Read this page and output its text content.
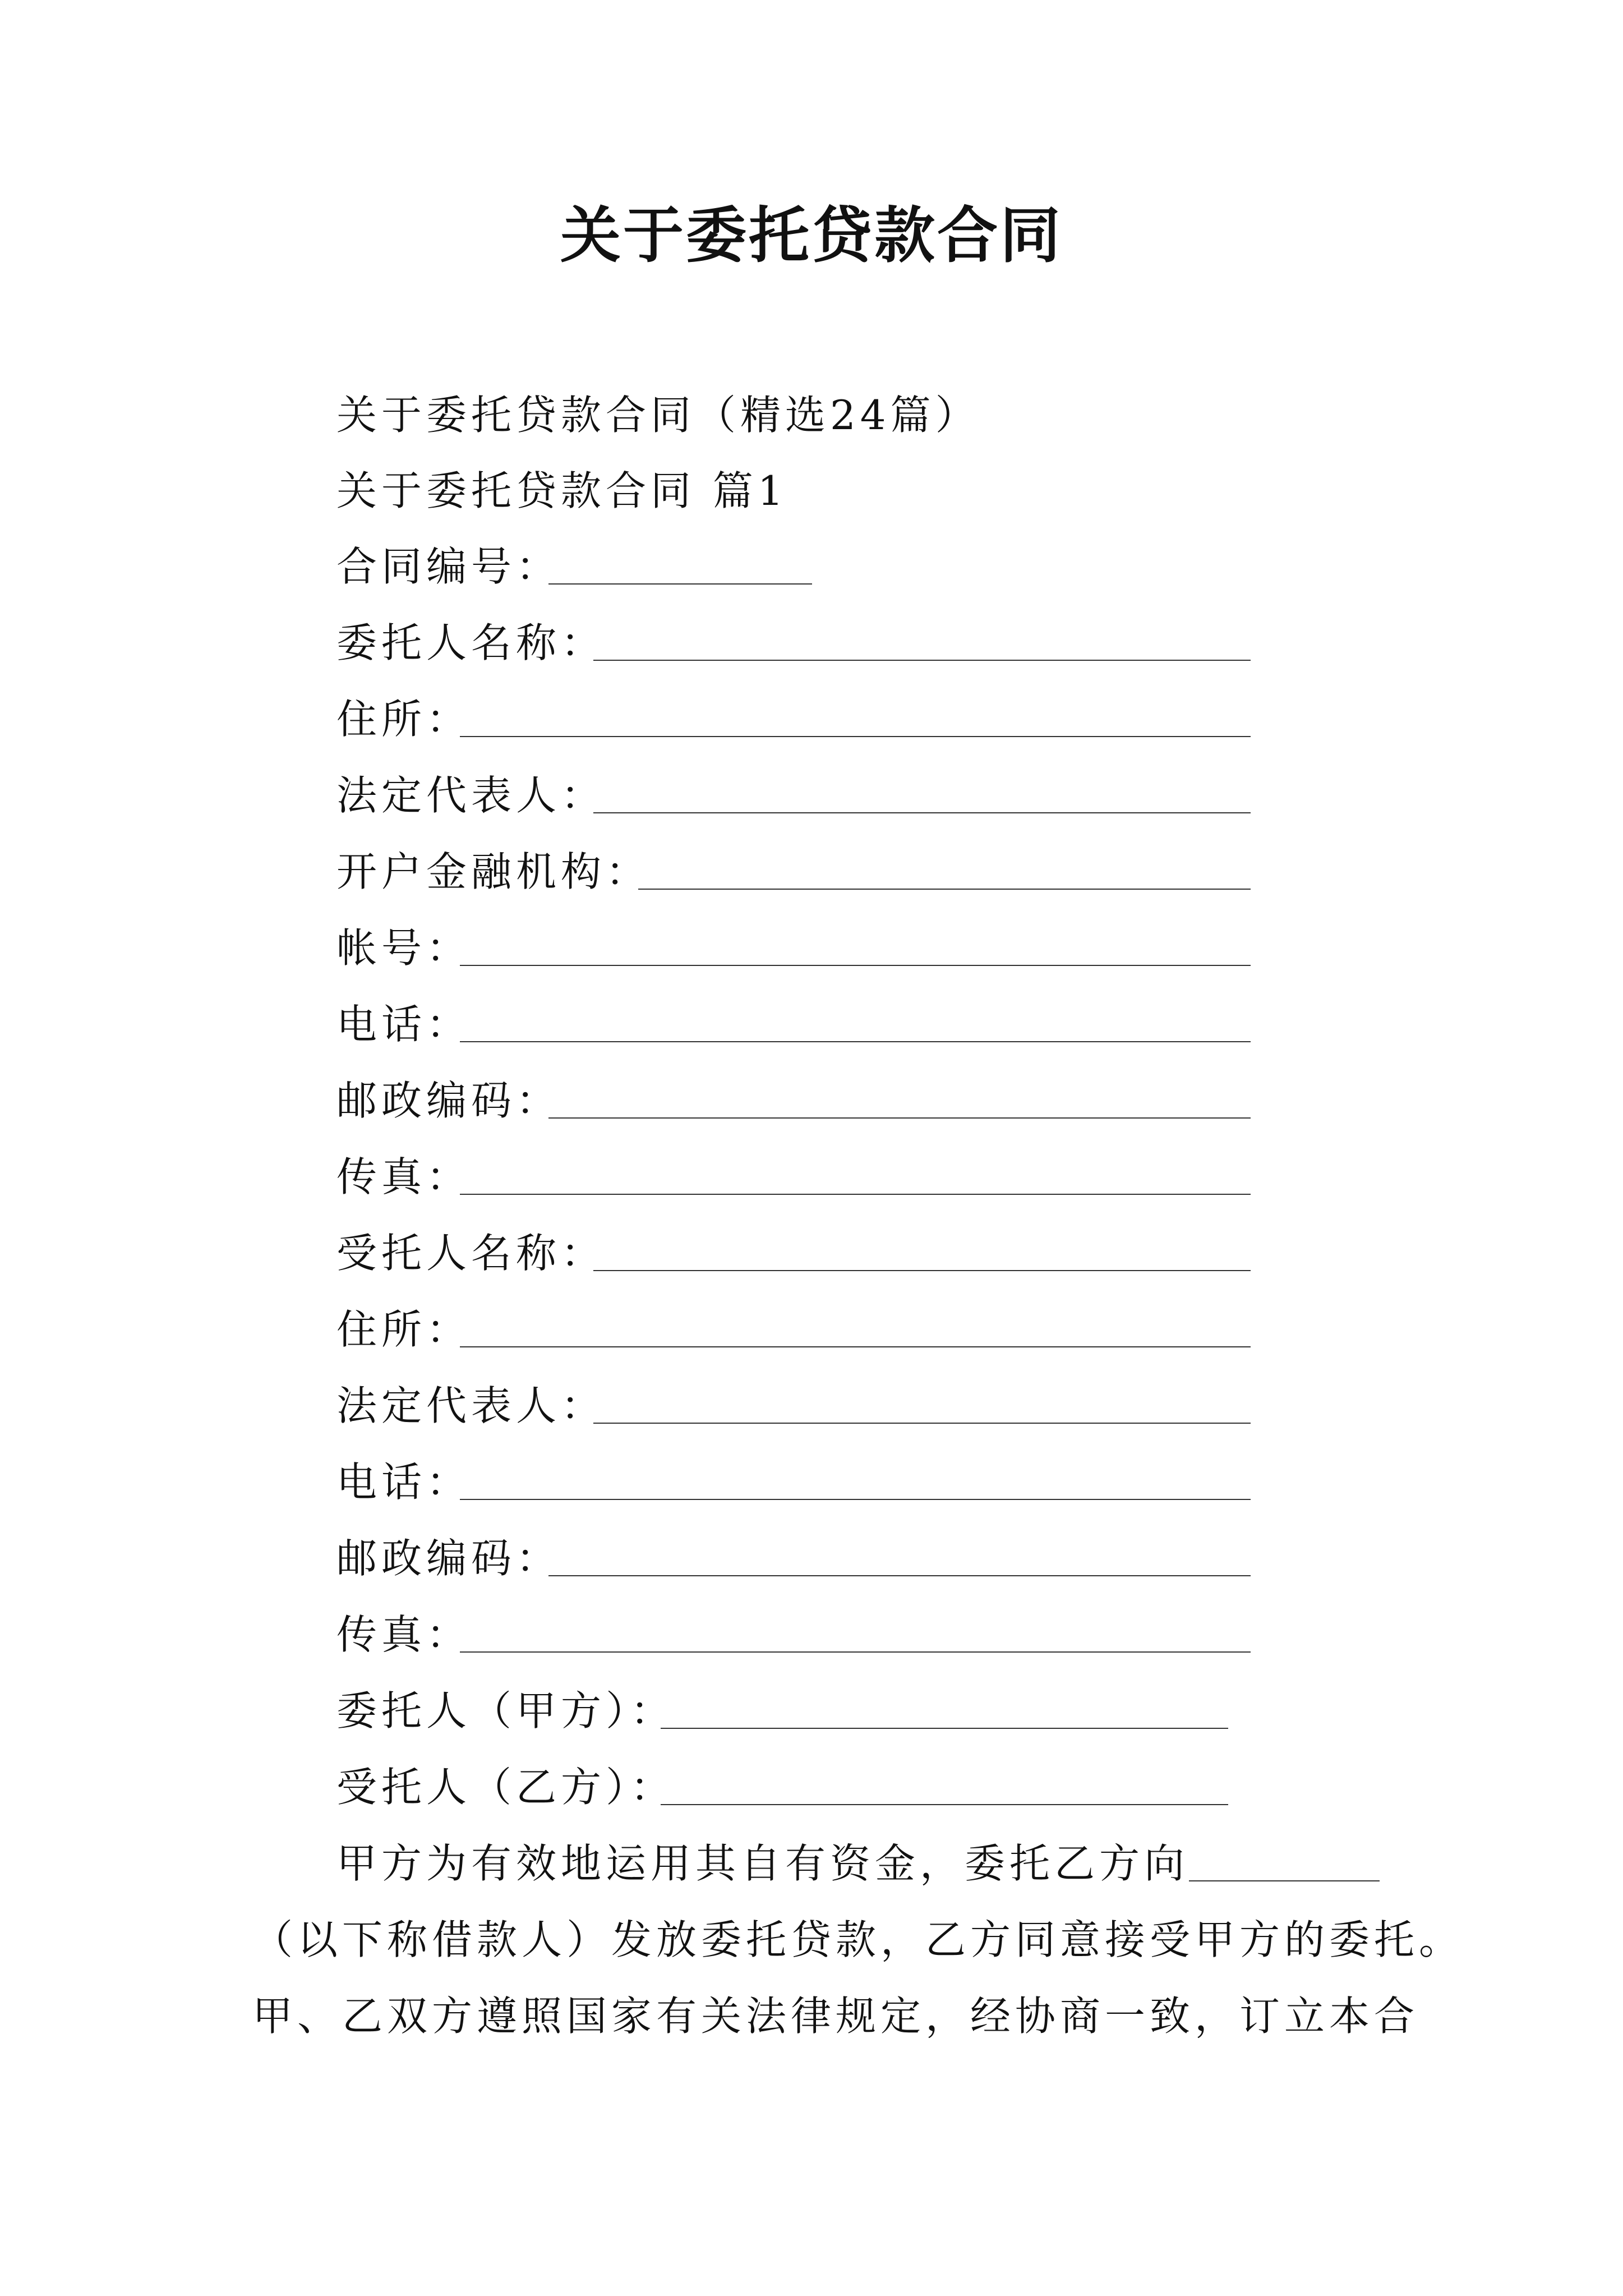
关于委托贷款合同
关于委托贷款合同（精选24篇）
关于委托贷款合同 篇1
合同编号：
委托人名称：
住所：
法定代表人：
开户金融机构：
帐号：
电话：
邮政编码：
传真：
受托人名称：
住所：
法定代表人：
电话：
邮政编码：
传真：
委托人（甲方）：
受托人（乙方）：
甲方为有效地运用其自有资金，委托乙方向
（以下称借款人）发放委托贷款，乙方同意接受甲方的委托。
甲、乙双方遵照国家有关法律规定，经协商一致，订立本合
